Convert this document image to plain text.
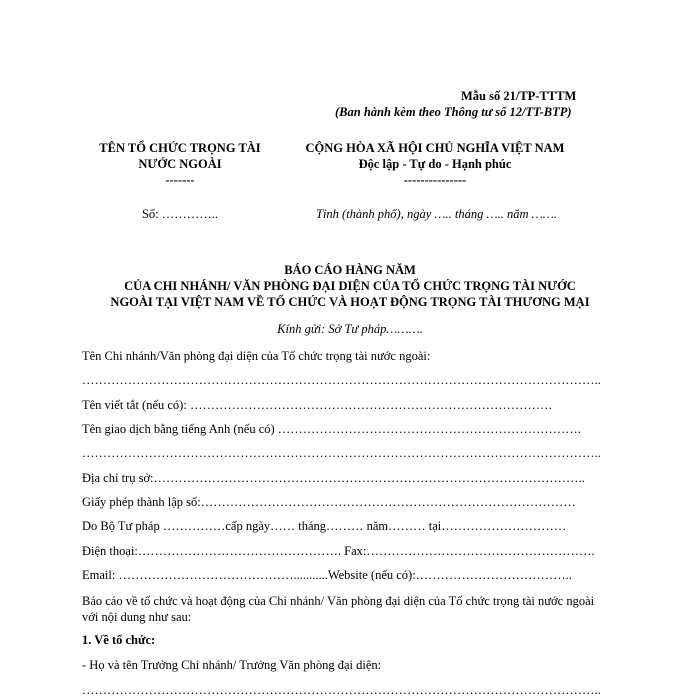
Mẫu số 21/TP-TTTM
(Ban hành kèm theo Thông tư số 12/TT-BTP)
TÊN TỔ CHỨC TRỌNG TÀI
NƯỚC NGOÀI
-------
Số: …………..
CỘNG HÒA XÃ HỘI CHỦ NGHĨA VIỆT NAM
Độc lập - Tự do - Hạnh phúc
---------------
Tỉnh (thành phố), ngày ….. tháng ….. năm …….
BÁO CÁO HÀNG NĂM
CỦA CHI NHÁNH/ VĂN PHÒNG ĐẠI DIỆN CỦA TỔ CHỨC TRỌNG TÀI NƯỚC
NGOÀI TẠI VIỆT NAM VỀ TỔ CHỨC VÀ HOẠT ĐỘNG TRỌNG TÀI THƯƠNG MẠI
Kính gửi: Sở Tư pháp……….
Tên Chi nhánh/Văn phòng đại diện của Tổ chức trọng tài nước ngoài:
……………………………………………………………………………………………………………..
Tên viết tắt (nếu có): ……………………………………………………………………………
Tên giao dịch bằng tiếng Anh (nếu có) ……………………………………………………………….
……………………………………………………………………………………………………………..
Địa chỉ trụ sở:…………………………………………………………………………………………..
Giấy phép thành lập số:………………………………………………………………………………
Do Bộ Tư pháp ……………cấp ngày…… tháng……… năm……… tại…………………………
Điện thoại:…………………………………………. Fax:……………………………………………….
Email: ……………………………………...........Website (nếu có):………………………………..
Báo cáo về tổ chức và hoạt động của Chi nhánh/ Văn phòng đại diện của Tổ chức trọng tài nước ngoài
với nội dung như sau:
1. Về tổ chức:
- Họ và tên Trưởng Chi nhánh/ Trưởng Văn phòng đại diện:
……………………………………………………………………………………………………………..
